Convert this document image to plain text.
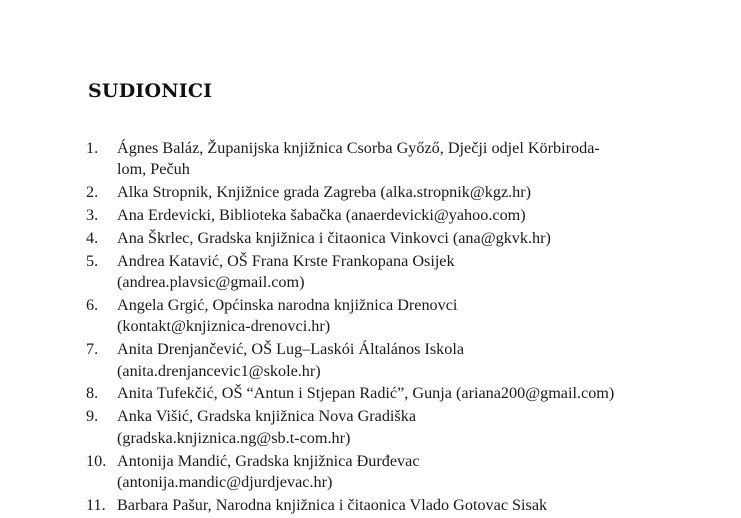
SUDIONICI
1.	Ágnes Baláz, Županijska knjižnica Csorba Győző, Dječji odjel Körbiroda-
lom, Pečuh
2.	Alka Stropnik, Knjižnice grada Zagreba (alka.stropnik@kgz.hr)
3.	Ana Erdevicki, Biblioteka šabačka (anaerdevicki@yahoo.com)
4.	Ana Škrlec, Gradska knjižnica i čitaonica Vinkovci (ana@gkvk.hr)
5.	Andrea Katavić, OŠ Frana Krste Frankopana Osijek
(andrea.plavsic@gmail.com)
6.	Angela Grgić, Općinska narodna knjižnica Drenovci
(kontakt@knjiznica-drenovci.hr)
7.	Anita Drenjančević, OŠ Lug–Laskói Általános Iskola
(anita.drenjancevic1@skole.hr)
8.	Anita Tufekčić, OŠ “Antun i Stjepan Radić”, Gunja (ariana200@gmail.com)
9.	Anka Višić, Gradska knjižnica Nova Gradiška
(gradska.knjiznica.ng@sb.t-com.hr)
10. Antonija Mandić, Gradska knjižnica Đurđevac
(antonija.mandic@djurdjevac.hr)
11. Barbara Pašur, Narodna knjižnica i čitaonica Vlado Gotovac Sisak
